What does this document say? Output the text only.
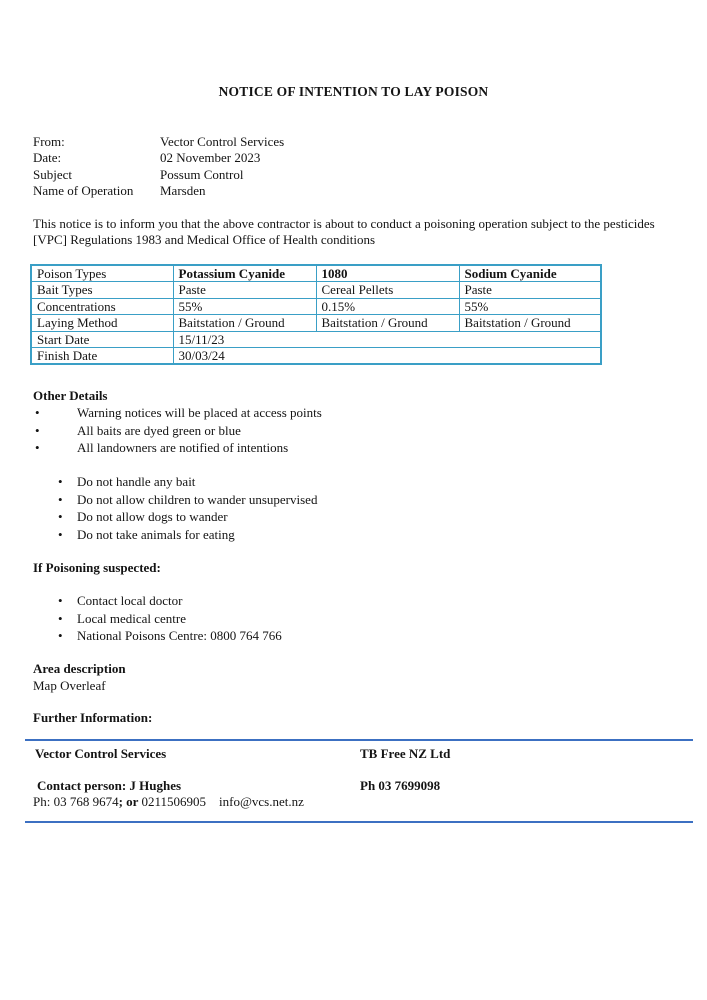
NOTICE OF INTENTION TO LAY POISON
From:	Vector Control Services
Date:	02 November 2023
Subject	Possum Control
Name of Operation	Marsden
This notice is to inform you that the above contractor is about to conduct a poisoning operation subject to the pesticides [VPC] Regulations 1983 and Medical Office of Health conditions
Poison Types	Potassium Cyanide	1080	Sodium Cyanide
Bait Types	Paste	Cereal Pellets	Paste
Concentrations	55%	0.15%	55%
Laying Method	Baitstation / Ground	Baitstation / Ground	Baitstation / Ground
Start Date	15/11/23		
Finish Date	30/03/24		
Other Details
•
Warning notices will be placed at access points
•
All baits are dyed green or blue
•
All landowners are notified of intentions
•
Do not handle any bait
•
Do not allow children to wander unsupervised
•
Do not allow dogs to wander
•
Do not take animals for eating
If Poisoning suspected:
•
Contact local doctor
•
Local medical centre
•
National Poisons Centre: 0800 764 766
Area description
Map Overleaf
Further Information:
Vector Control Services	TB Free NZ Ltd
Contact person: J Hughes	Ph 03 7699098
Ph: 03 768 9674; or 0211506905 info@vcs.net.nz
